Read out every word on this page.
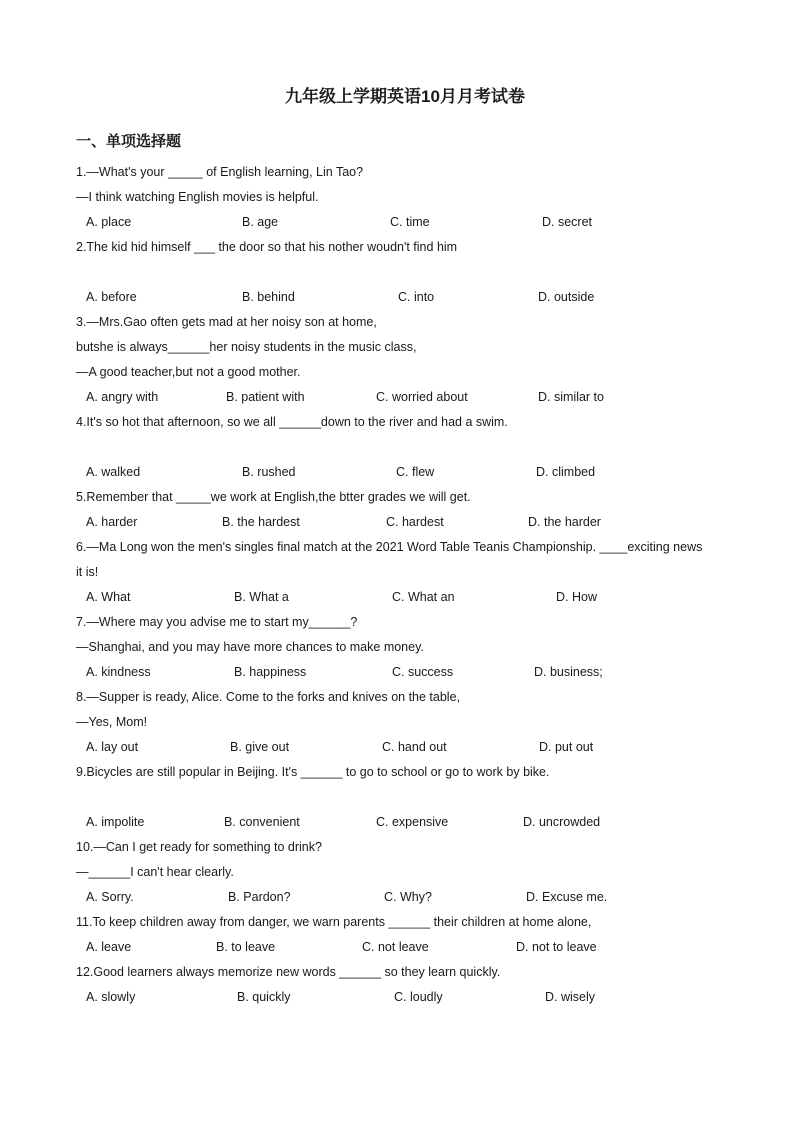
九年级上学期英语10月月考试卷
一、单项选择题
1.—What's your _____ of English learning, Lin Tao?
—I think watching English movies is helpful.
A. place	B. age	C. time	D. secret
2.The kid hid himself ___ the door so that his nother woudn't find him
A. before	B. behind	C. into	D. outside
3.—Mrs.Gao often gets mad at her noisy son at home,
butshe is always______her noisy students in the music class,
—A good teacher,but not a good mother.
A. angry with	B. patient with	C. worried about	D. similar to
4.It's so hot that afternoon, so we all ______down to the river and had a swim.
A. walked	B. rushed	C. flew	D. climbed
5.Remember that _____we work at English,the btter grades we will get.
A. harder	B. the hardest	C. hardest	D. the harder
6.—Ma Long won the men's singles final match at the 2021 Word Table Teanis Championship. ____exciting news
it is!
A. What	B. What a	C. What an	D. How
7.—Where may you advise me to start my______?
—Shanghai, and you may have more chances to make money.
A. kindness	B. happiness	C. success	D. business;
8.—Supper is ready, Alice. Come to the forks and knives on the table,
—Yes, Mom!
A. lay out	B. give out	C. hand out	D. put out
9.Bicycles are still popular in Beijing. It's ______ to go to school or go to work by bike.
A. impolite	B. convenient	C. expensive	D. uncrowded
10.—Can I get ready for something to drink?
—______I can't hear clearly.
A. Sorry.	B. Pardon?	C. Why?	D. Excuse me.
11.To keep children away from danger, we warn parents ______ their children at home alone,
A. leave	B. to leave	C. not leave	D. not to leave
12.Good learners always memorize new words ______ so they learn quickly.
A. slowly	B. quickly	C. loudly	D. wisely
